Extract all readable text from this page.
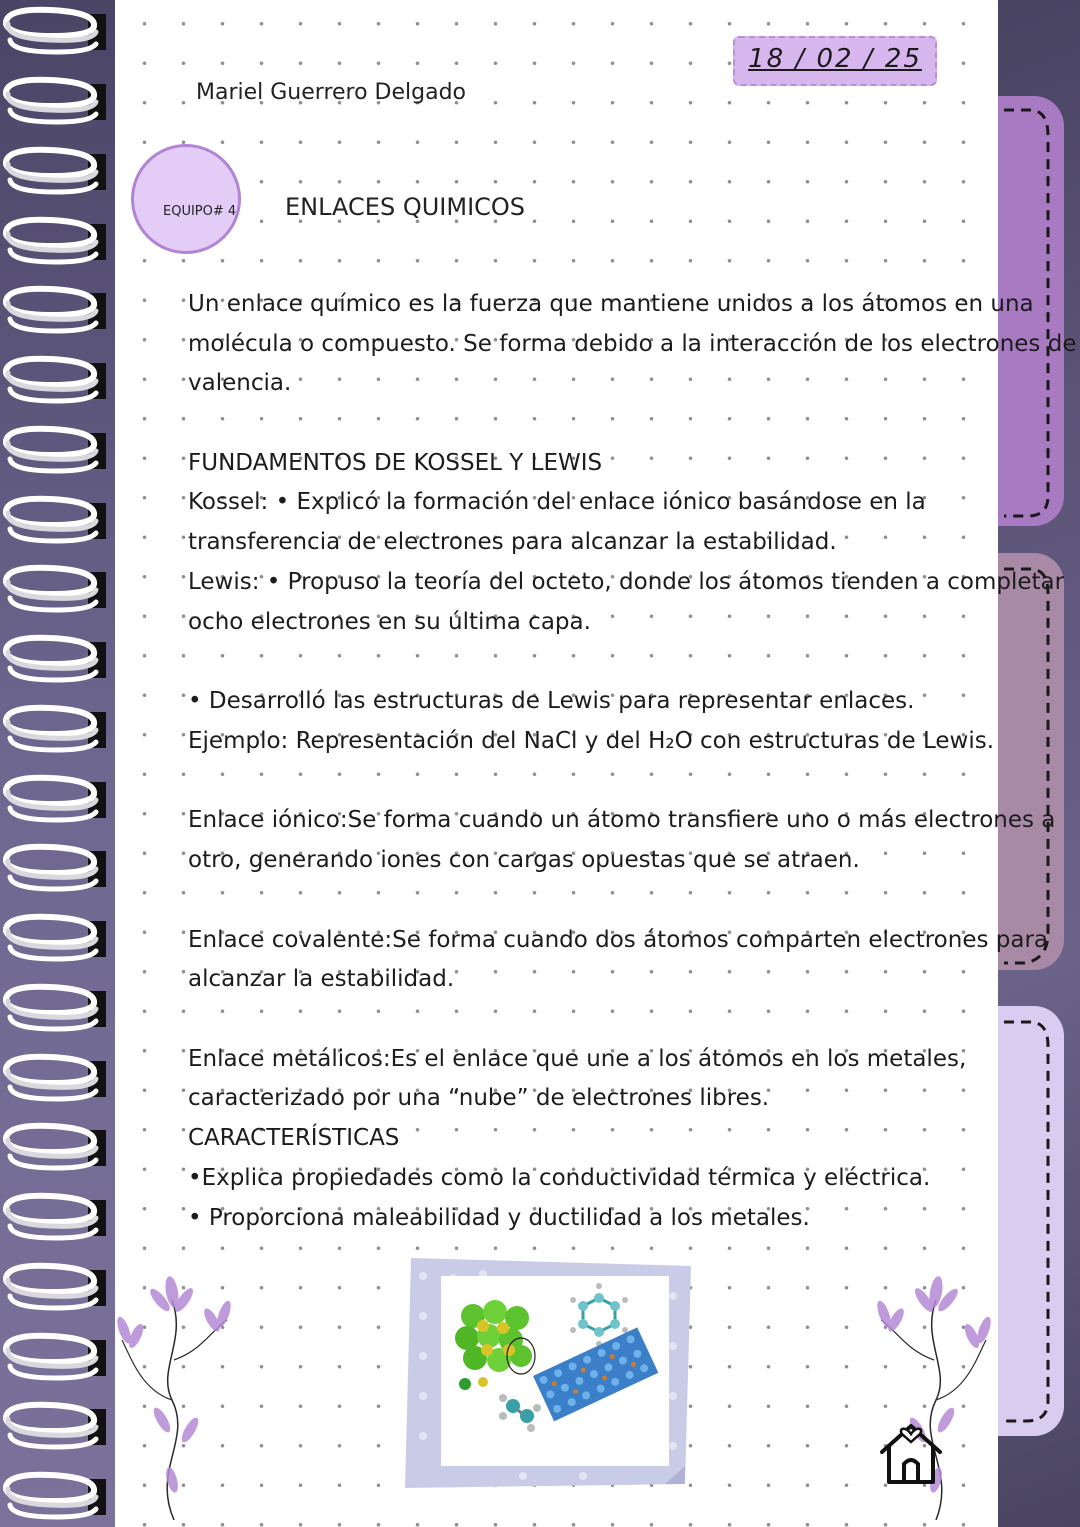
Mariel Guerrero Delgado
18 / 02 / 25
EQUIPO# 4 ENLACES QUIMICOS
Un enlace químico es la fuerza que mantiene unidos a los átomos en una
molécula o compuesto. Se forma debido a la interacción de los electrones de
valencia.
FUNDAMENTOS DE KOSSEL Y LEWIS
Kossel: • Explicó la formación del enlace iónico basándose en la
transferencia de electrones para alcanzar la estabilidad.
Lewis: • Propuso la teoría del octeto, donde los átomos tienden a completar
ocho electrones en su última capa.
• Desarrolló las estructuras de Lewis para representar enlaces.
Ejemplo: Representación del NaCl y del H₂O con estructuras de Lewis.
Enlace iónico:Se forma cuando un átomo transfiere uno o más electrones a
otro, generando iones con cargas opuestas que se atraen.
Enlace covalente:Se forma cuando dos átomos comparten electrones para
alcanzar la estabilidad.
Enlace metálicos:Es el enlace que une a los átomos en los metales,
caracterizado por una “nube” de electrones libres.
CARACTERÍSTICAS
•Explica propiedades como la conductividad térmica y eléctrica.
• Proporciona maleabilidad y ductilidad a los metales.
